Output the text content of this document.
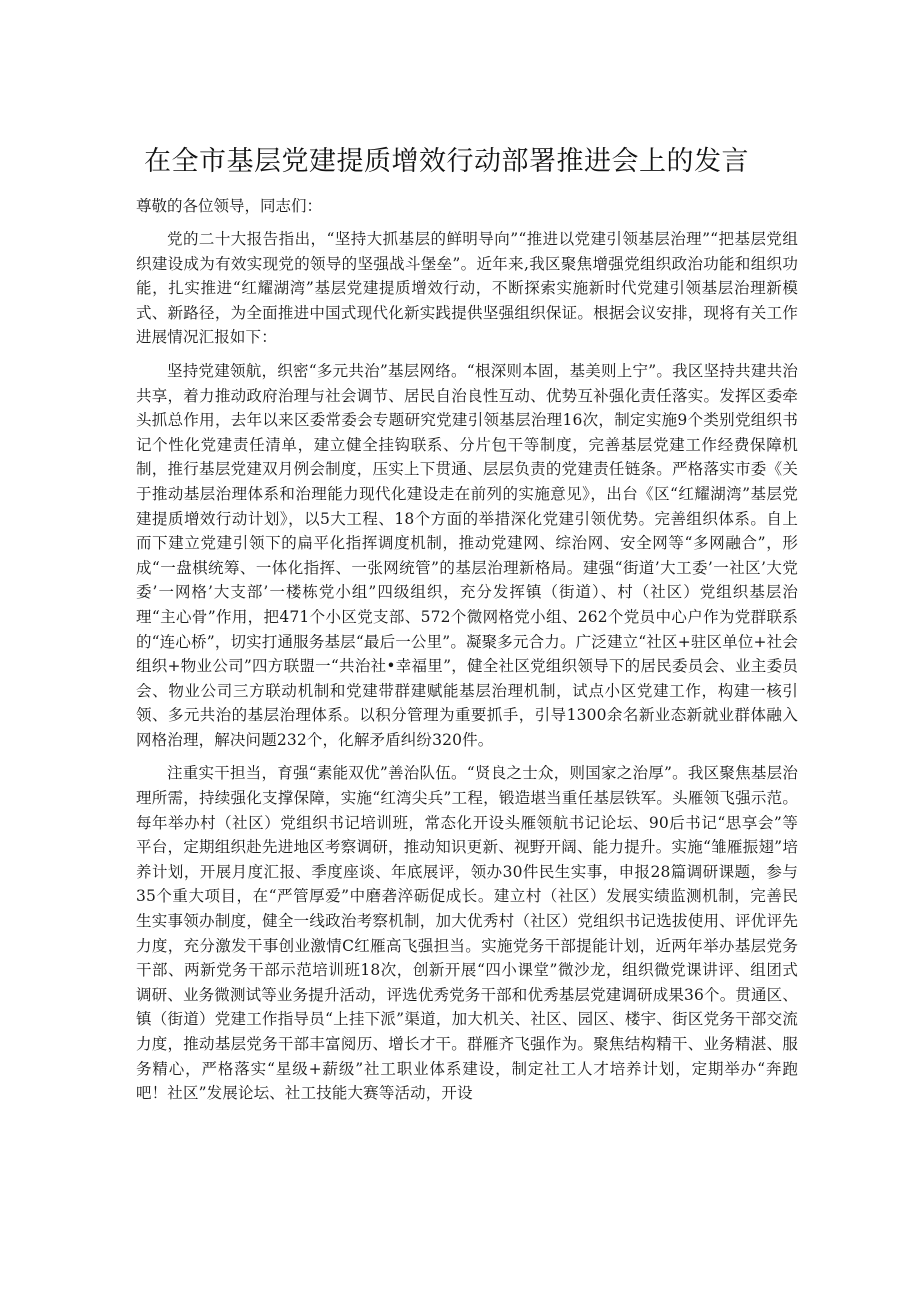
在全市基层党建提质增效行动部署推进会上的发言

尊敬的各位领导，同志们：

党的二十大报告指出，“坚持大抓基层的鲜明导向”“推进以党建引领基层治理”“把基层党组织建设成为有效实现党的领导的坚强战斗堡垒”。近年来,我区聚焦增强党组织政治功能和组织功能，扎实推进“红耀湖湾”基层党建提质增效行动，不断探索实施新时代党建引领基层治理新模式、新路径，为全面推进中国式现代化新实践提供坚强组织保证。根据会议安排，现将有关工作进展情况汇报如下：

坚持党建领航，织密“多元共治”基层网络。“根深则本固，基美则上宁”。我区坚持共建共治共享，着力推动政府治理与社会调节、居民自治良性互动、优势互补强化责任落实。发挥区委牵头抓总作用，去年以来区委常委会专题研究党建引领基层治理16次，制定实施9个类别党组织书记个性化党建责任清单，建立健全挂钩联系、分片包干等制度，完善基层党建工作经费保障机制，推行基层党建双月例会制度，压实上下贯通、层层负责的党建责任链条。严格落实市委《关于推动基层治理体系和治理能力现代化建设走在前列的实施意见》，出台《区“红耀湖湾”基层党建提质增效行动计划》，以5大工程、18个方面的举措深化党建引领优势。完善组织体系。自上而下建立党建引领下的扁平化指挥调度机制，推动党建网、综治网、安全网等“多网融合”，形成“一盘棋统筹、一体化指挥、一张网统管”的基层治理新格局。建强“街道’大工委’一社区’大党委’一网格’大支部’一楼栋党小组”四级组织，充分发挥镇（街道）、村（社区）党组织基层治理“主心骨”作用，把471个小区党支部、572个微网格党小组、262个党员中心户作为党群联系的“连心桥”，切实打通服务基层“最后一公里”。凝聚多元合力。广泛建立“社区+驻区单位+社会组织+物业公司”四方联盟一“共治社•幸福里”，健全社区党组织领导下的居民委员会、业主委员会、物业公司三方联动机制和党建带群建赋能基层治理机制，试点小区党建工作，构建一核引领、多元共治的基层治理体系。以积分管理为重要抓手，引导1300余名新业态新就业群体融入网格治理，解决问题232个，化解矛盾纠纷320件。

注重实干担当，育强“素能双优”善治队伍。“贤良之士众，则国家之治厚”。我区聚焦基层治理所需，持续强化支撑保障，实施“红湾尖兵”工程，锻造堪当重任基层铁军。头雁领飞强示范。每年举办村（社区）党组织书记培训班，常态化开设头雁领航书记论坛、90后书记“思享会”等平台，定期组织赴先进地区考察调研，推动知识更新、视野开阔、能力提升。实施“雏雁振翅”培养计划，开展月度汇报、季度座谈、年底展评，领办30件民生实事，申报28篇调研课题，参与35个重大项目，在“严管厚爱”中磨砻淬砺促成长。建立村（社区）发展实绩监测机制，完善民生实事领办制度，健全一线政治考察机制，加大优秀村（社区）党组织书记选拔使用、评优评先力度，充分激发干事创业激情C红雁高飞强担当。实施党务干部提能计划，近两年举办基层党务干部、两新党务干部示范培训班18次，创新开展“四小课堂”微沙龙，组织微党课讲评、组团式调研、业务微测试等业务提升活动，评选优秀党务干部和优秀基层党建调研成果36个。贯通区、镇（街道）党建工作指导员“上挂下派”渠道，加大机关、社区、园区、楼宇、街区党务干部交流力度，推动基层党务干部丰富阅历、增长才干。群雁齐飞强作为。聚焦结构精干、业务精湛、服务精心，严格落实“星级+薪级”社工职业体系建设，制定社工人才培养计划，定期举办“奔跑吧！社区”发展论坛、社工技能大赛等活动，开设
